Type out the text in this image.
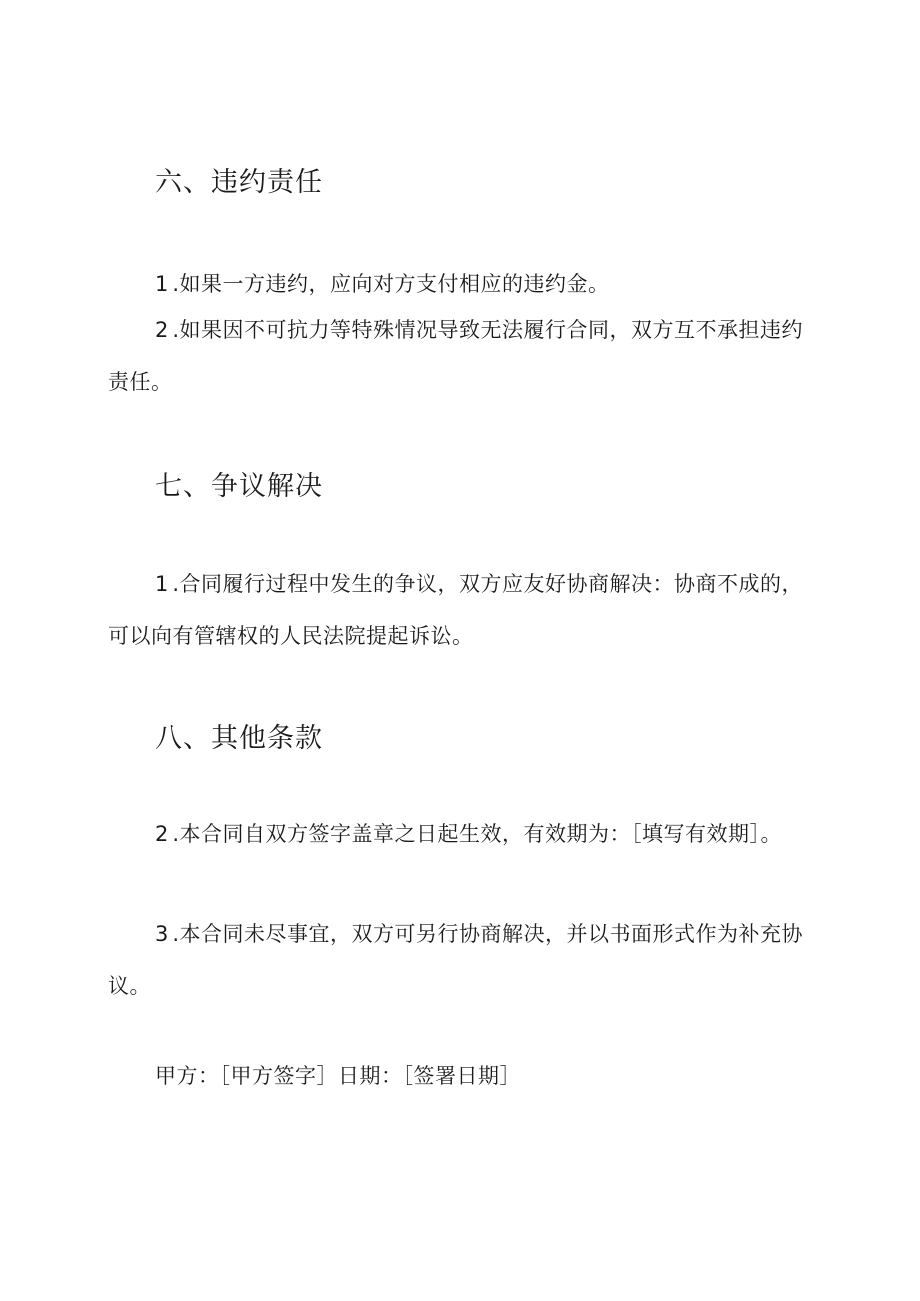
六、违约责任

1.如果一方违约，应向对方支付相应的违约金。

2.如果因不可抗力等特殊情况导致无法履行合同，双方互不承担违约责任。

七、争议解决

1.合同履行过程中发生的争议，双方应友好协商解决：协商不成的，可以向有管辖权的人民法院提起诉讼。

八、其他条款

2.本合同自双方签字盖章之日起生效，有效期为：［填写有效期］。

3.本合同未尽事宜，双方可另行协商解决，并以书面形式作为补充协议。

甲方：［甲方签字］日期：［签署日期］
